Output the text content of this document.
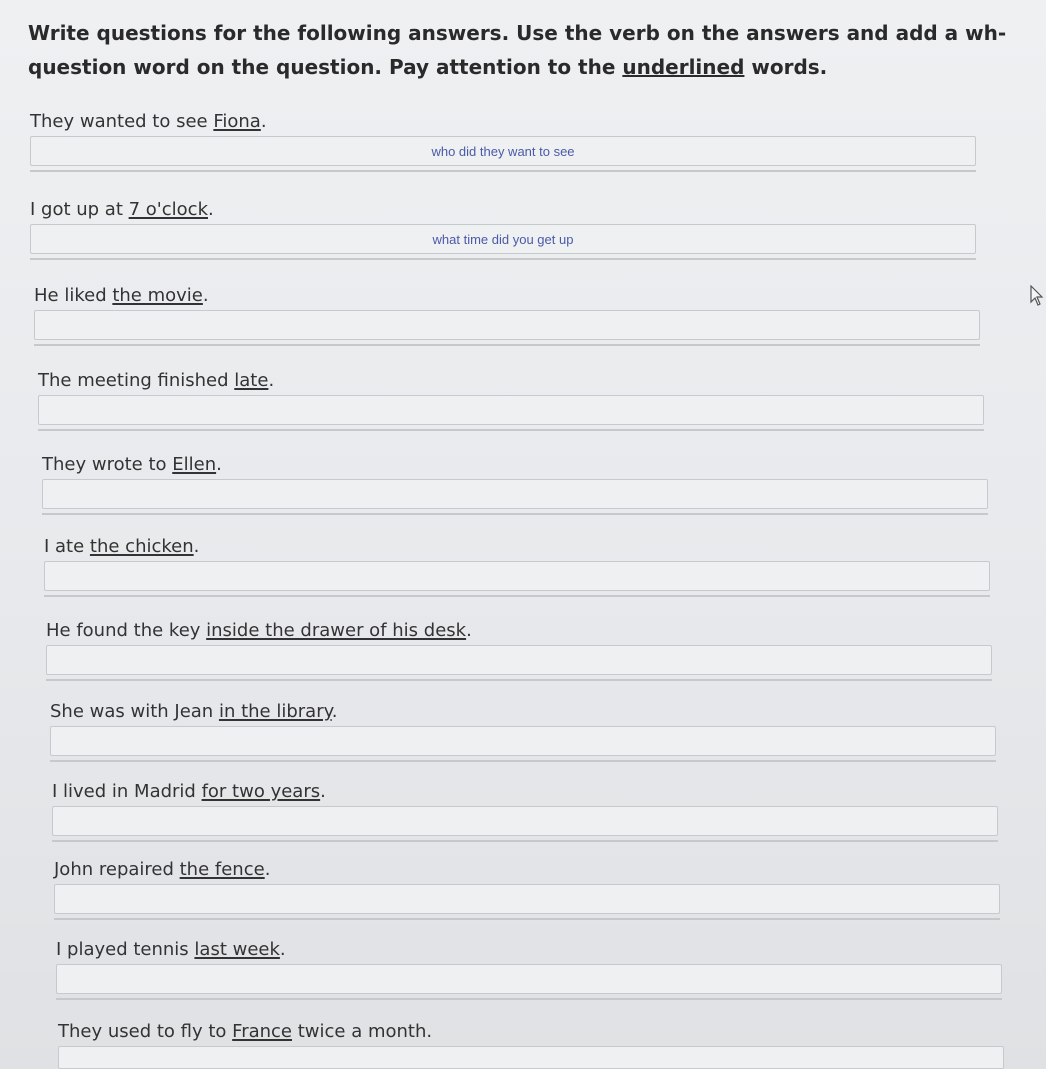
Write questions for the following answers. Use the verb on the answers and add a wh- question word on the question. Pay attention to the underlined words.

They wanted to see Fiona.

who did they want to see

I got up at 7 o'clock.

what time did you get up

He liked the movie.

The meeting finished late.

They wrote to Ellen.

I ate the chicken.

He found the key inside the drawer of his desk.

She was with Jean in the library.

I lived in Madrid for two years.

John repaired the fence.

I played tennis last week.

They used to fly to France twice a month.
